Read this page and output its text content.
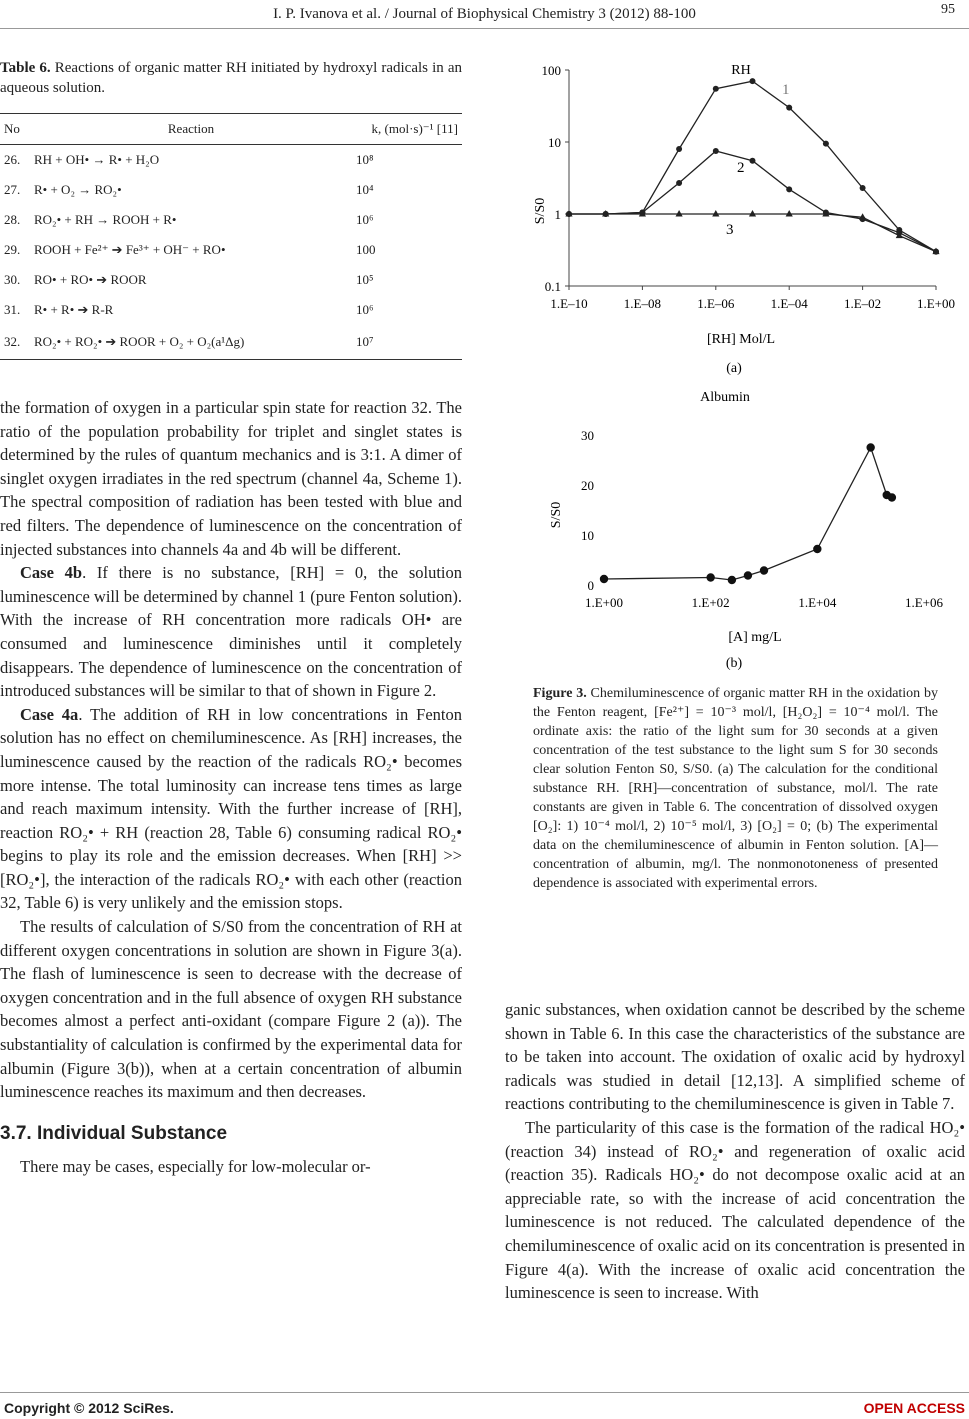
I. P. Ivanova et al. / Journal of Biophysical Chemistry 3 (2012) 88-100	95
Table 6. Reactions of organic matter RH initiated by hydroxyl radicals in an aqueous solution.
No	Reaction	k, (mol·s)⁻¹ [11]
26.	RH + OH• → R• + H₂O	10⁸
27.	R• + O₂ → RO₂•	10⁴
28.	RO₂• + RH → ROOH + R•	10⁶
29.	ROOH + Fe²⁺ ➔ Fe³⁺ + OH⁻ + RO•	100
30.	RO• + RO• ➔ ROOR	10⁵
31.	R• + R• ➔ R-R	10⁶
32.	RO₂• + RO₂• ➔ ROOR + O₂ + O₂(a¹Δg)	10⁷

the formation of oxygen in a particular spin state for reaction 32. The ratio of the population probability for triplet and singlet states is determined by the rules of quantum mechanics and is 3:1. A dimer of singlet oxygen irradiates in the red spectrum (channel 4a, Scheme 1). The spectral composition of radiation has been tested with blue and red filters. The dependence of luminescence on the concentration of injected substances into channels 4a and 4b will be different.

Case 4b. If there is no substance, [RH] = 0, the solution luminescence will be determined by channel 1 (pure Fenton solution). With the increase of RH concentration more radicals OH• are consumed and luminescence diminishes until it completely disappears. The dependence of luminescence on the concentration of introduced substances will be similar to that of shown in Figure 2.

Case 4a. The addition of RH in low concentrations in Fenton solution has no effect on chemiluminescence. As [RH] increases, the luminescence caused by the reaction of the radicals RO₂• becomes more intense. The total luminosity can increase tens times as large and reach maximum intensity. With the further increase of [RH], reaction RO₂• + RH (reaction 28, Table 6) consuming radical RO₂• begins to play its role and the emission decreases. When [RH] >> [RO₂•], the interaction of the radicals RO₂• with each other (reaction 32, Table 6) is very unlikely and the emission stops.

The results of calculation of S/S0 from the concentration of RH at different oxygen concentrations in solution are shown in Figure 3(a). The flash of luminescence is seen to decrease with the decrease of oxygen concentration and in the full absence of oxygen RH substance becomes almost a perfect anti-oxidant (compare Figure 2 (a)). The substantiality of calculation is confirmed by the experimental data for albumin (Figure 3(b)), when at a certain concentration of albumin luminescence reaches its maximum and then decreases.

3.7. Individual Substance

There may be cases, especially for low-molecular or-

RH
S/S0
100
10
1
0.1
1.E–10	1.E–08	1.E–06	1.E–04	1.E–02	1.E+00
2
1
3
[RH] Mol/L
(a)
Albumin
S/S0
30
20
10
0
1.E+00	1.E+02	1.E+04	1.E+06
[A] mg/L
(b)
Figure 3. Chemiluminescence of organic matter RH in the oxidation by the Fenton reagent, [Fe²⁺] = 10⁻³ mol/l, [H₂O₂] = 10⁻⁴ mol/l. The ordinate axis: the ratio of the light sum for 30 seconds at a given concentration of the test substance to the light sum S for 30 seconds clear solution Fenton S0, S/S0. (a) The calculation for the conditional substance RH. [RH]—concentration of substance, mol/l. The rate constants are given in Table 6. The concentration of dissolved oxygen [O₂]: 1) 10⁻⁴ mol/l, 2) 10⁻⁵ mol/l, 3) [O₂] = 0; (b) The experimental data on the chemiluminescence of albumin in Fenton solution. [A]—concentration of albumin, mg/l. The nonmonotoneness of presented dependence is associated with experimental errors.

ganic substances, when oxidation cannot be described by the scheme shown in Table 6. In this case the characteristics of the substance are to be taken into account. The oxidation of oxalic acid by hydroxyl radicals was studied in detail [12,13]. A simplified scheme of reactions contributing to the chemiluminescence is given in Table 7.

The particularity of this case is the formation of the radical HO₂• (reaction 34) instead of RO₂• and regeneration of oxalic acid (reaction 35). Radicals HO₂• do not decompose oxalic acid at an appreciable rate, so with the increase of acid concentration the luminescence is not reduced. The calculated dependence of the chemiluminescence of oxalic acid on its concentration is presented in Figure 4(a). With the increase of oxalic acid concentration the luminescence is seen to increase. With

Copyright © 2012 SciRes.	OPEN ACCESS
